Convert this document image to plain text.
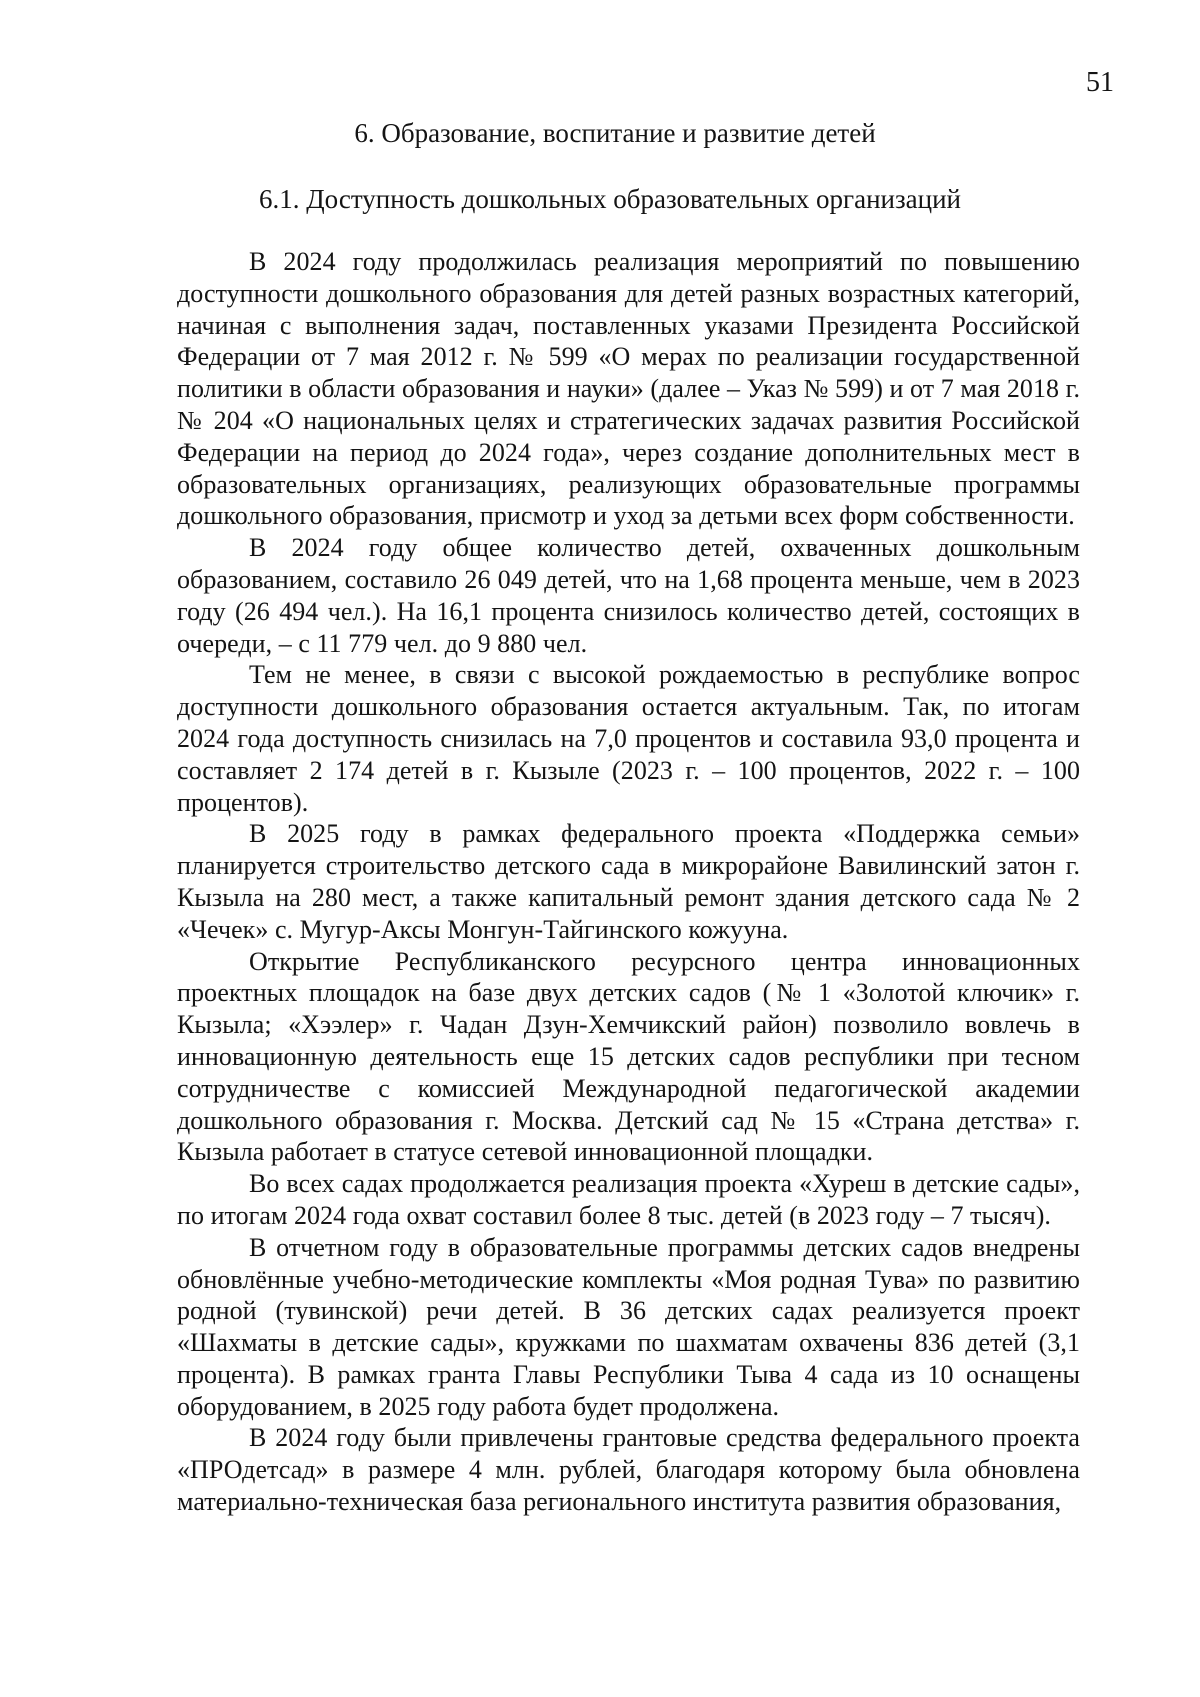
51
6. Образование, воспитание и развитие детей
6.1. Доступность дошкольных образовательных организаций

В 2024 году продолжилась реализация мероприятий по повышению доступности дошкольного образования для детей разных возрастных категорий, начиная с выполнения задач, поставленных указами Президента Российской Федерации от 7 мая 2012 г. № 599 «О мерах по реализации государственной политики в области образования и науки» (далее – Указ № 599) и от 7 мая 2018 г. № 204 «О национальных целях и стратегических задачах развития Российской Федерации на период до 2024 года», через создание дополнительных мест в образовательных организациях, реализующих образовательные программы дошкольного образования, присмотр и уход за детьми всех форм собственности.

В 2024 году общее количество детей, охваченных дошкольным образованием, составило 26 049 детей, что на 1,68 процента меньше, чем в 2023 году (26 494 чел.). На 16,1 процента снизилось количество детей, состоящих в очереди, – с 11 779 чел. до 9 880 чел.

Тем не менее, в связи с высокой рождаемостью в республике вопрос доступности дошкольного образования остается актуальным. Так, по итогам 2024 года доступность снизилась на 7,0 процентов и составила 93,0 процента и составляет 2 174 детей в г. Кызыле (2023 г. – 100 процентов, 2022 г. – 100 процентов).

В 2025 году в рамках федерального проекта «Поддержка семьи» планируется строительство детского сада в микрорайоне Вавилинский затон г. Кызыла на 280 мест, а также капитальный ремонт здания детского сада № 2 «Чечек» с. Мугур-Аксы Монгун-Тайгинского кожууна.

Открытие Республиканского ресурсного центра инновационных проектных площадок на базе двух детских садов (№ 1 «Золотой ключик» г. Кызыла; «Хээлер» г. Чадан Дзун-Хемчикский район) позволило вовлечь в инновационную деятельность еще 15 детских садов республики при тесном сотрудничестве с комиссией Международной педагогической академии дошкольного образования г. Москва. Детский сад № 15 «Страна детства» г. Кызыла работает в статусе сетевой инновационной площадки.

Во всех садах продолжается реализация проекта «Хуреш в детские сады», по итогам 2024 года охват составил более 8 тыс. детей (в 2023 году – 7 тысяч).

В отчетном году в образовательные программы детских садов внедрены обновлённые учебно-методические комплекты «Моя родная Тува» по развитию родной (тувинской) речи детей. В 36 детских садах реализуется проект «Шахматы в детские сады», кружками по шахматам охвачены 836 детей (3,1 процента). В рамках гранта Главы Республики Тыва 4 сада из 10 оснащены оборудованием, в 2025 году работа будет продолжена.

В 2024 году были привлечены грантовые средства федерального проекта «ПРОдетсад» в размере 4 млн. рублей, благодаря которому была обновлена материально-техническая база регионального института развития образования,
